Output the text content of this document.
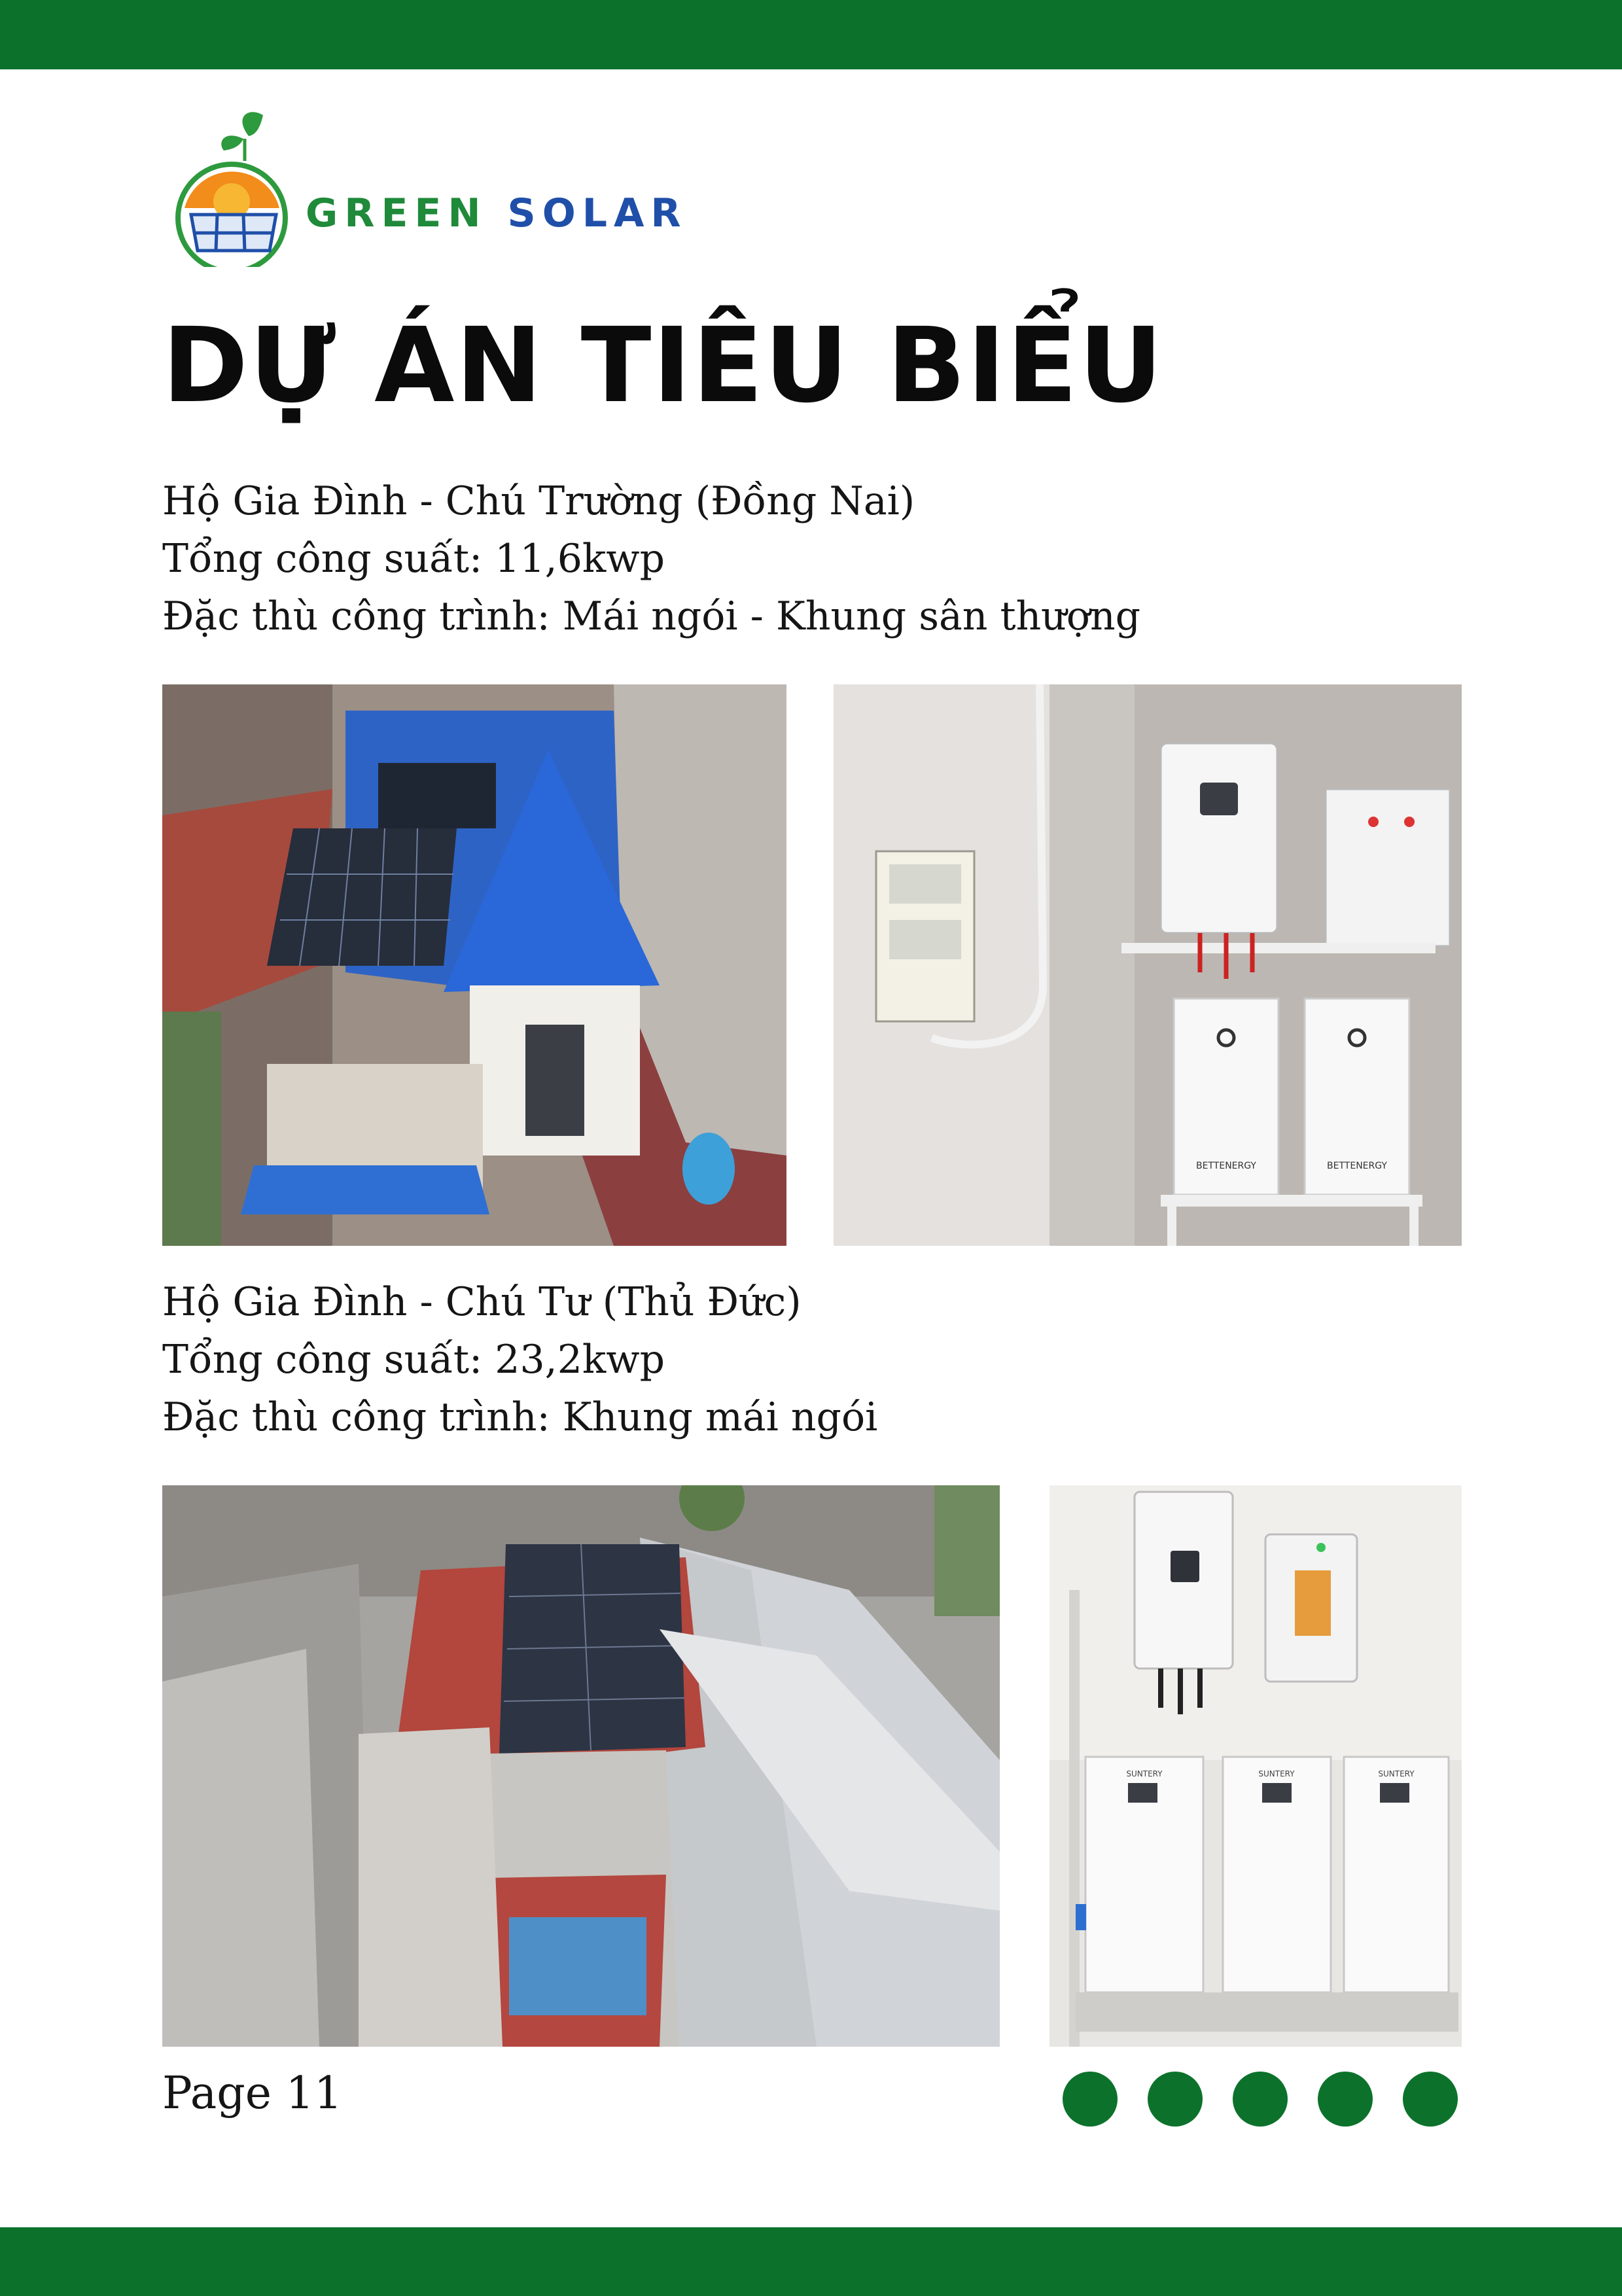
GREEN SOLAR
DỰ ÁN TIÊU BIỂU
Hộ Gia Đình - Chú Trường (Đồng Nai)
Tổng công suất: 11,6kwp
Đặc thù công trình: Mái ngói - Khung sân thượng
BETTENERGY	BETTENERGY
Hộ Gia Đình - Chú Tư (Thủ Đức)
Tổng công suất: 23,2kwp
Đặc thù công trình: Khung mái ngói
SUNTERY	SUNTERY	SUNTERY
Page 11
